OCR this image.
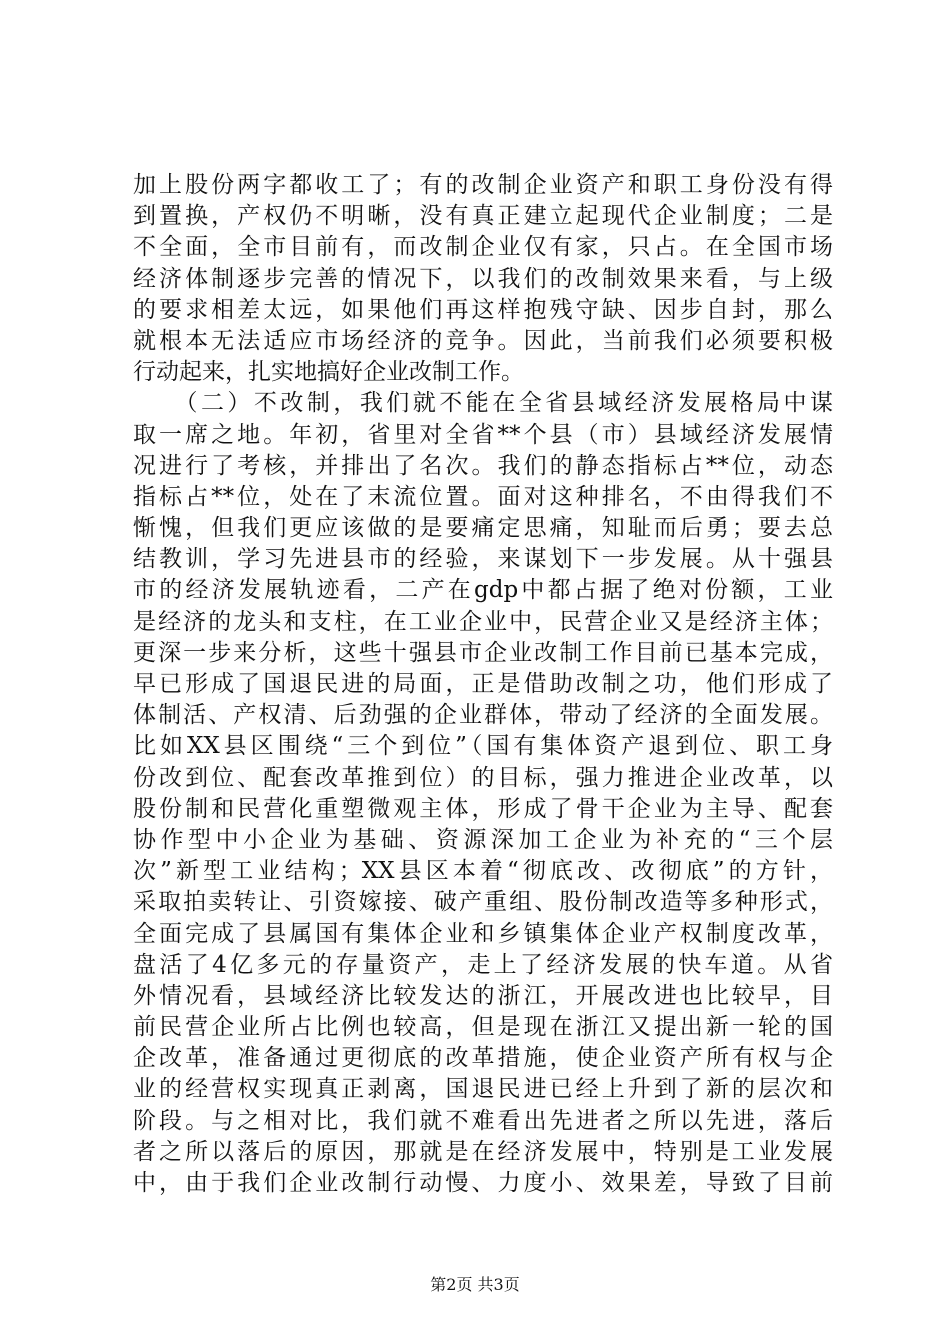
加上股份两字都收工了；有的改制企业资产和职工身份没有得
到置换，产权仍不明晰，没有真正建立起现代企业制度；二是
不全面，全市目前有，而改制企业仅有家，只占。在全国市场
经济体制逐步完善的情况下，以我们的改制效果来看，与上级
的要求相差太远，如果他们再这样抱残守缺、因步自封，那么
就根本无法适应市场经济的竞争。因此，当前我们必须要积极
行动起来，扎实地搞好企业改制工作。
　　（二）不改制，我们就不能在全省县域经济发展格局中谋
取一席之地。年初，省里对全省**个县（市）县域经济发展情
况进行了考核，并排出了名次。我们的静态指标占**位，动态
指标占**位，处在了末流位置。面对这种排名，不由得我们不
惭愧，但我们更应该做的是要痛定思痛，知耻而后勇；要去总
结教训，学习先进县市的经验，来谋划下一步发展。从十强县
市的经济发展轨迹看，二产在gdp中都占据了绝对份额，工业
是经济的龙头和支柱，在工业企业中，民营企业又是经济主体；
更深一步来分析，这些十强县市企业改制工作目前已基本完成，
早已形成了国退民进的局面，正是借助改制之功，他们形成了
体制活、产权清、后劲强的企业群体，带动了经济的全面发展。
比如XX县区围绕“三个到位”（国有集体资产退到位、职工身
份改到位、配套改革推到位）的目标，强力推进企业改革，以
股份制和民营化重塑微观主体，形成了骨干企业为主导、配套
协作型中小企业为基础、资源深加工企业为补充的“三个层
次”新型工业结构；XX县区本着“彻底改、改彻底”的方针，
采取拍卖转让、引资嫁接、破产重组、股份制改造等多种形式，
全面完成了县属国有集体企业和乡镇集体企业产权制度改革，
盘活了4亿多元的存量资产，走上了经济发展的快车道。从省
外情况看，县域经济比较发达的浙江，开展改进也比较早，目
前民营企业所占比例也较高，但是现在浙江又提出新一轮的国
企改革，准备通过更彻底的改革措施，使企业资产所有权与企
业的经营权实现真正剥离，国退民进已经上升到了新的层次和
阶段。与之相对比，我们就不难看出先进者之所以先进，落后
者之所以落后的原因，那就是在经济发展中，特别是工业发展
中，由于我们企业改制行动慢、力度小、效果差，导致了目前
第2页 共3页
